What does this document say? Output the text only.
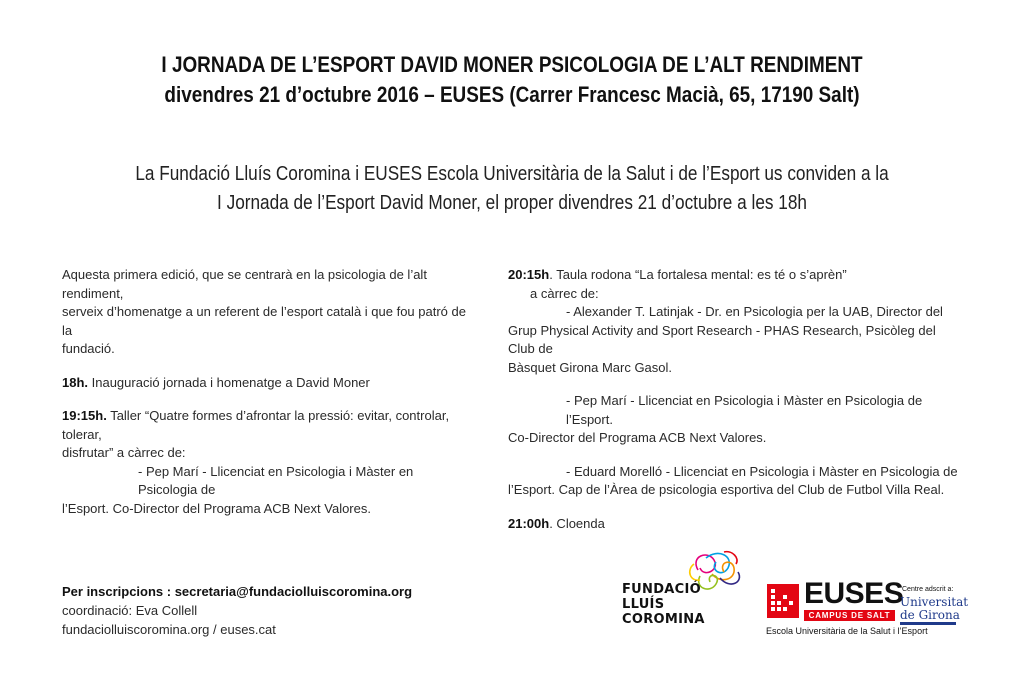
I JORNADA DE L’ESPORT DAVID MONER PSICOLOGIA DE L’ALT RENDIMENT
divendres 21 d’octubre 2016 – EUSES (Carrer Francesc Macià, 65, 17190 Salt)
La Fundació Lluís Coromina i EUSES Escola Universitària de la Salut i de l’Esport us conviden a la
I Jornada de l’Esport David Moner, el proper divendres 21 d’octubre a les 18h

Aquesta primera edició, que se centrarà en la psicologia de l’alt rendiment,
serveix d’homenatge a un referent de l’esport català i que fou patró de la
fundació.

18h. Inauguració jornada i homenatge a David Moner

19:15h. Taller “Quatre formes d’afrontar la pressió: evitar, controlar, tolerar,
disfrutar” a càrrec de:

- Pep Marí - Llicenciat en Psicologia i Màster en Psicologia de

l’Esport. Co-Director del Programa ACB Next Valores.

20:15h. Taula rodona “La fortalesa mental: es té o s’aprèn”

a càrrec de:

- Alexander T. Latinjak - Dr. en Psicologia per la UAB, Director del

Grup Physical Activity and Sport Research - PHAS Research, Psicòleg del Club de

Bàsquet Girona Marc Gasol.

- Pep Marí - Llicenciat en Psicologia i Màster en Psicologia de l’Esport.

Co-Director del Programa ACB Next Valores.

- Eduard Morelló - Llicenciat en Psicologia i Màster en Psicologia de

l’Esport. Cap de l’Àrea de psicologia esportiva del Club de Futbol Villa Real.

21:00h. Cloenda

Per inscripcions : secretaria@fundaciolluiscoromina.org

coordinació: Eva Collell

fundaciolluiscoromina.org / euses.cat

FUNDACIÓ
LLUÍS
COROMINA
EUSES
CAMPUS DE SALT
Escola Universitària de la Salut i l’Esport
Centre adscrit a:
Universitat
de Girona
